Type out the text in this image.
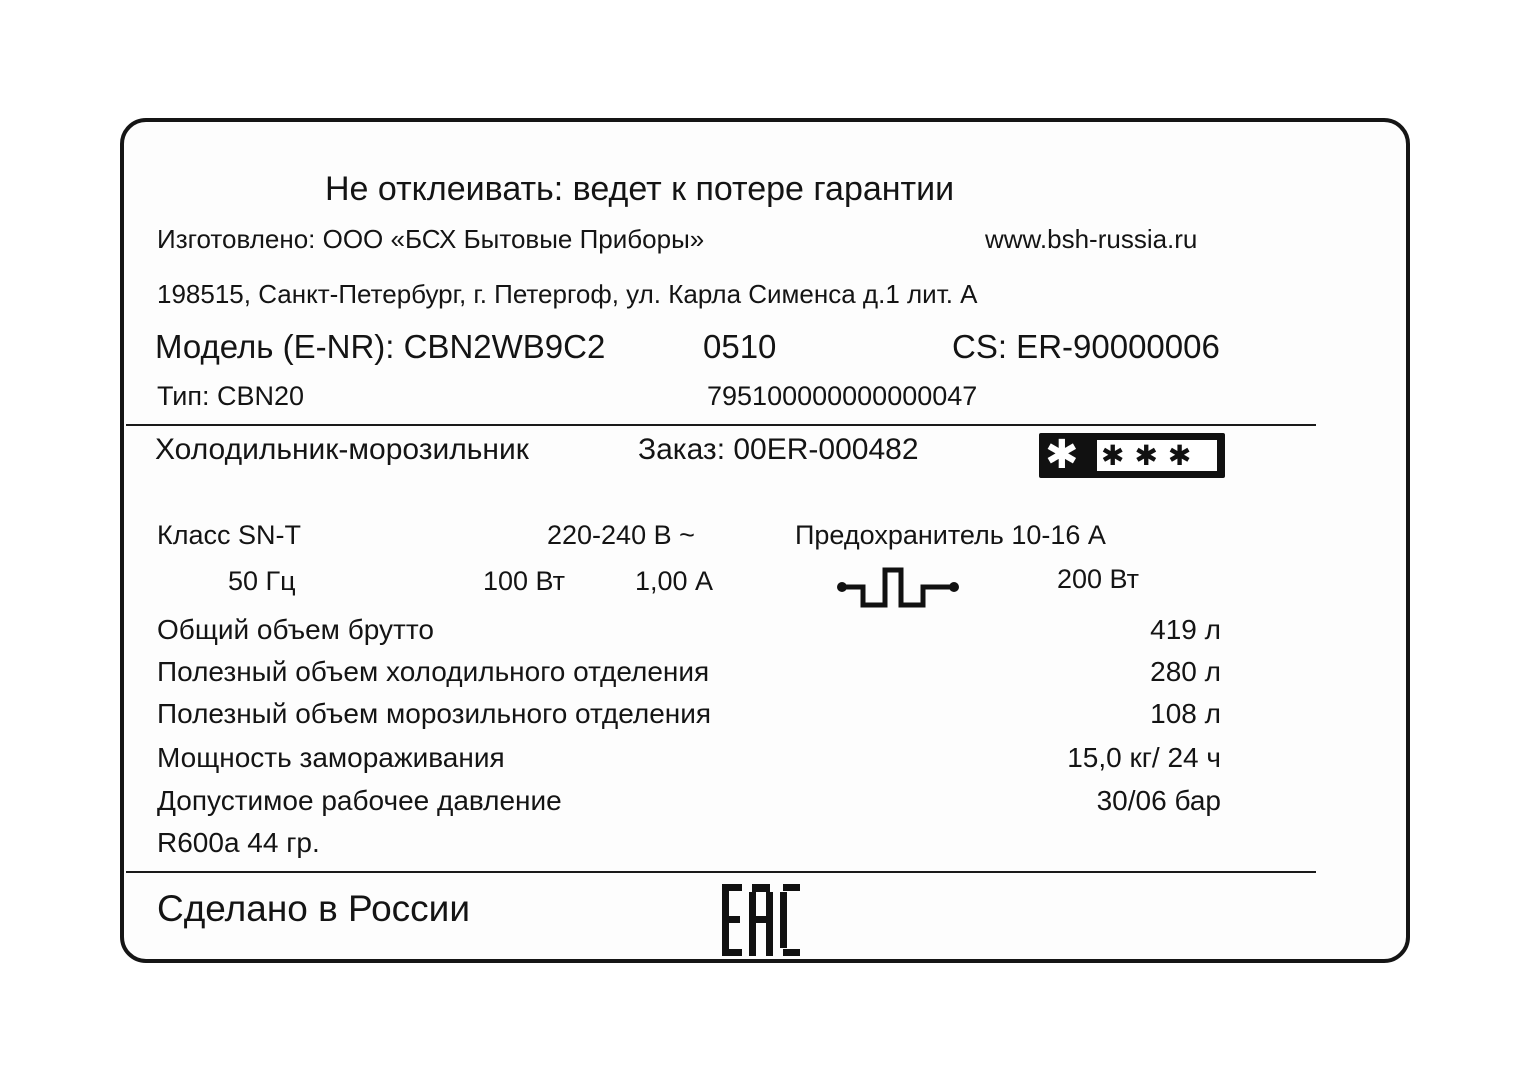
Не отклеивать: ведет к потере гарантии
Изготовлено: ООО «БСХ Бытовые Приборы»	www.bsh-russia.ru
198515, Санкт-Петербург, г. Петергоф, ул. Карла Сименса д.1 лит. А
Модель (E-NR): CBN2WB9C2	0510	CS: ER-90000006
Тип: CBN20	795100000000000047
Холодильник-морозильник	Заказ: 00ER-000482	✱ ✱✱✱
Класс SN-T	220-240 В ~	Предохранитель 10-16 А
50 Гц	100 Вт	1,00 А	200 Вт
Общий объем брутто	419 л
Полезный объем холодильного отделения	280 л
Полезный объем морозильного отделения	108 л
Мощность замораживания	15,0 кг/ 24 ч
Допустимое рабочее давление	30/06 бар
R600a 44 гр.
Сделано в России
